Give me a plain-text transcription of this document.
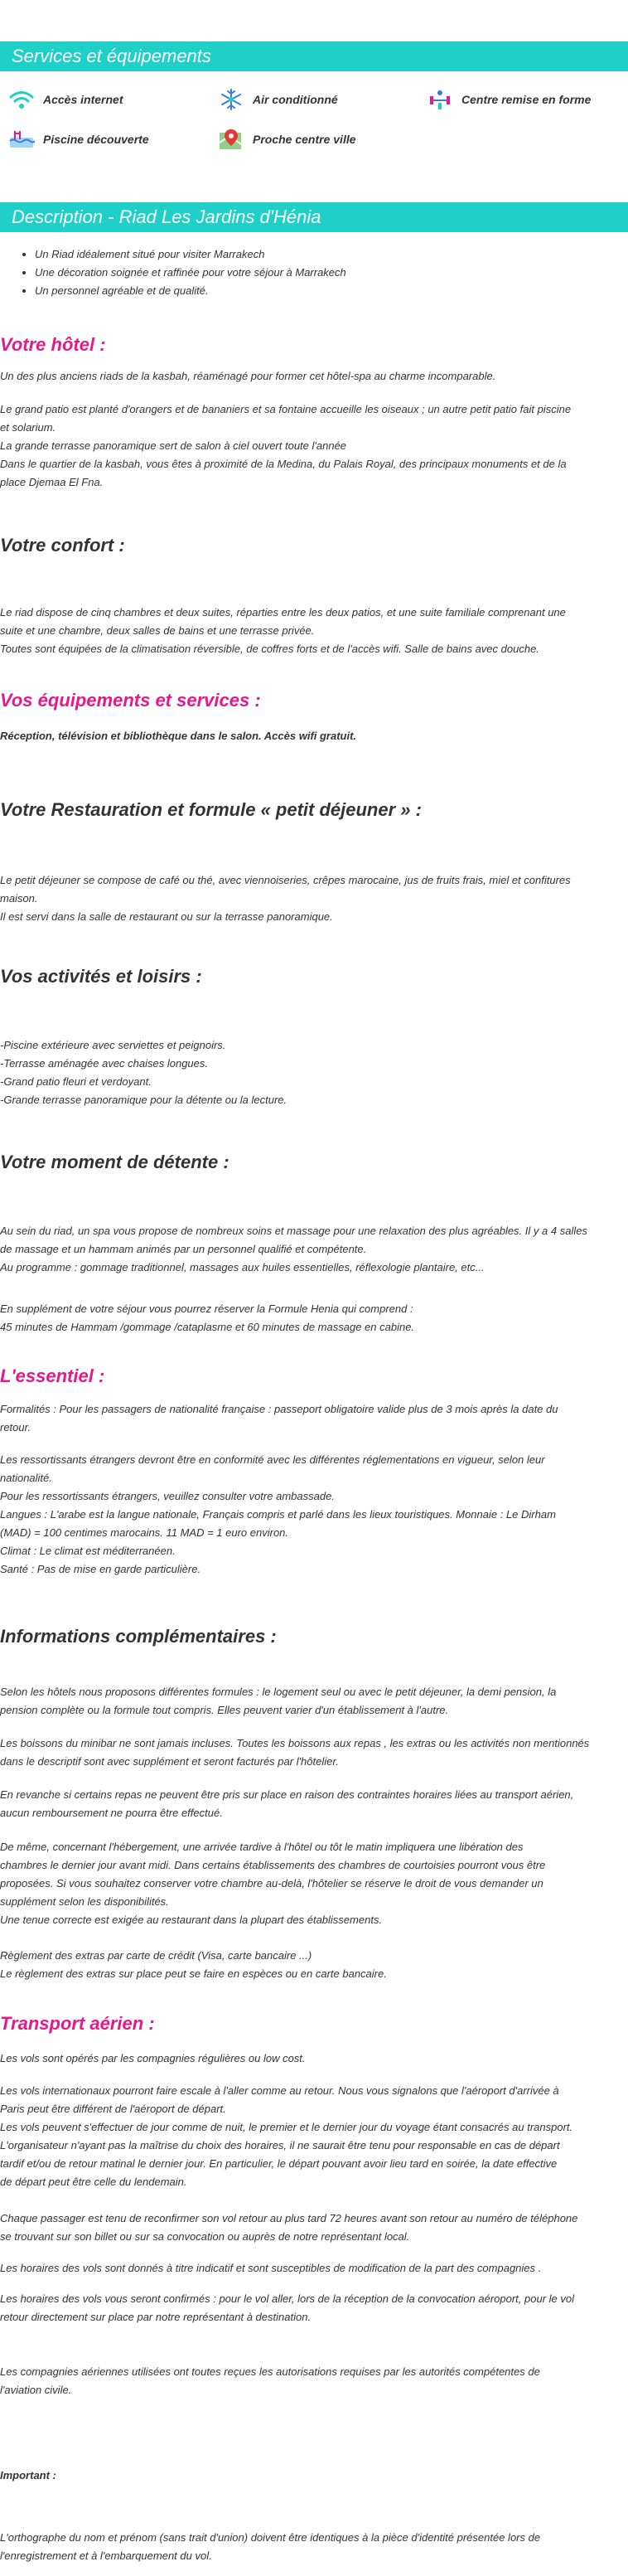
Services et équipements
Accès internet	Air conditionné	Centre remise en forme
Piscine découverte	Proche centre ville
Description - Riad Les Jardins d'Hénia
• Un Riad idéalement situé pour visiter Marrakech
• Une décoration soignée et raffinée pour votre séjour à Marrakech
• Un personnel agréable et de qualité.
Votre hôtel :

Un des plus anciens riads de la kasbah, réaménagé pour former cet hôtel-spa au charme incomparable.

Le grand patio est planté d'orangers et de bananiers et sa fontaine accueille les oiseaux ; un autre petit patio fait piscine

et solarium.

La grande terrasse panoramique sert de salon à ciel ouvert toute l'année

Dans le quartier de la kasbah, vous êtes à proximité de la Medina, du Palais Royal, des principaux monuments et de la

place Djemaa El Fna.

Votre confort :

Le riad dispose de cinq chambres et deux suites, réparties entre les deux patios, et une suite familiale comprenant une

suite et une chambre, deux salles de bains et une terrasse privée.

Toutes sont équipées de la climatisation réversible, de coffres forts et de l'accès wifi. Salle de bains avec douche.

Vos équipements et services :

Réception, télévision et bibliothèque dans le salon. Accès wifi gratuit.

Votre Restauration et formule « petit déjeuner » :

Le petit déjeuner se compose de café ou thé, avec viennoiseries, crêpes marocaine, jus de fruits frais, miel et confitures

maison.

Il est servi dans la salle de restaurant ou sur la terrasse panoramique.

Vos activités et loisirs :

-Piscine extérieure avec serviettes et peignoirs.

-Terrasse aménagée avec chaises longues.

-Grand patio fleuri et verdoyant.

-Grande terrasse panoramique pour la détente ou la lecture.

Votre moment de détente :

Au sein du riad, un spa vous propose de nombreux soins et massage pour une relaxation des plus agréables. Il y a 4 salles

de massage et un hammam animés par un personnel qualifié et compétente.

Au programme : gommage traditionnel, massages aux huiles essentielles, réflexologie plantaire, etc...

En supplément de votre séjour vous pourrez réserver la Formule Henia qui comprend :

45 minutes de Hammam /gommage /cataplasme et 60 minutes de massage en cabine.

L'essentiel :

Formalités : Pour les passagers de nationalité française : passeport obligatoire valide plus de 3 mois après la date du

retour.

Les ressortissants étrangers devront être en conformité avec les différentes réglementations en vigueur, selon leur

nationalité.

Pour les ressortissants étrangers, veuillez consulter votre ambassade.

Langues : L'arabe est la langue nationale, Français compris et parlé dans les lieux touristiques. Monnaie : Le Dirham

(MAD) = 100 centimes marocains. 11 MAD = 1 euro environ.

Climat : Le climat est méditerranéen.

Santé : Pas de mise en garde particulière.

Informations complémentaires :

Selon les hôtels nous proposons différentes formules : le logement seul ou avec le petit déjeuner, la demi pension, la

pension complète ou la formule tout compris. Elles peuvent varier d'un établissement à l'autre.

Les boissons du minibar ne sont jamais incluses. Toutes les boissons aux repas , les extras ou les activités non mentionnés

dans le descriptif sont avec supplément et seront facturés par l'hôtelier.

En revanche si certains repas ne peuvent être pris sur place en raison des contraintes horaires liées au transport aérien,

aucun remboursement ne pourra être effectué.

De même, concernant l'hébergement, une arrivée tardive à l'hôtel ou tôt le matin impliquera une libération des

chambres le dernier jour avant midi. Dans certains établissements des chambres de courtoisies pourront vous être

proposées. Si vous souhaitez conserver votre chambre au-delà, l'hôtelier se réserve le droit de vous demander un

supplément selon les disponibilités.

Une tenue correcte est exigée au restaurant dans la plupart des établissements.

Règlement des extras par carte de crédit (Visa, carte bancaire ...)

Le règlement des extras sur place peut se faire en espèces ou en carte bancaire.

Transport aérien :

Les vols sont opérés par les compagnies régulières ou low cost.

Les vols internationaux pourront faire escale à l'aller comme au retour. Nous vous signalons que l'aéroport d'arrivée à

Paris peut être différent de l'aéroport de départ.

Les vols peuvent s'effectuer de jour comme de nuit, le premier et le dernier jour du voyage étant consacrés au transport.

L'organisateur n'ayant pas la maîtrise du choix des horaires, il ne saurait être tenu pour responsable en cas de départ

tardif et/ou de retour matinal le dernier jour. En particulier, le départ pouvant avoir lieu tard en soirée, la date effective

de départ peut être celle du lendemain.

Chaque passager est tenu de reconfirmer son vol retour au plus tard 72 heures avant son retour au numéro de téléphone

se trouvant sur son billet ou sur sa convocation ou auprès de notre représentant local.

Les horaires des vols sont donnés à titre indicatif et sont susceptibles de modification de la part des compagnies .

Les horaires des vols vous seront confirmés : pour le vol aller, lors de la réception de la convocation aéroport, pour le vol

retour directement sur place par notre représentant à destination.

Les compagnies aériennes utilisées ont toutes reçues les autorisations requises par les autorités compétentes de

l'aviation civile.

Important :

L'orthographe du nom et prénom (sans trait d'union) doivent être identiques à la pièce d'identité présentée lors de

l'enregistrement et à l'embarquement du vol.
